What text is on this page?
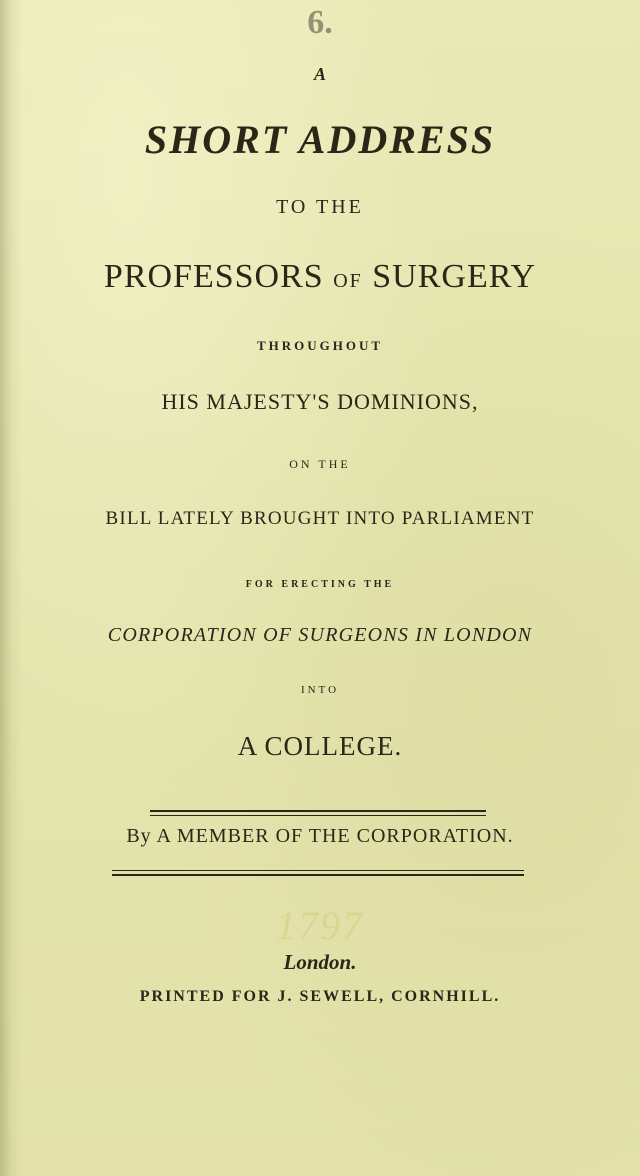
6.

A

SHORT ADDRESS

TO THE

PROFESSORS OF SURGERY

THROUGHOUT

HIS MAJESTY'S DOMINIONS,

ON THE

BILL LATELY BROUGHT INTO PARLIAMENT

FOR ERECTING THE

CORPORATION OF SURGEONS IN LONDON

INTO

A COLLEGE.

By A MEMBER OF THE CORPORATION.

1797

London.

PRINTED FOR J. SEWELL, CORNHILL.
